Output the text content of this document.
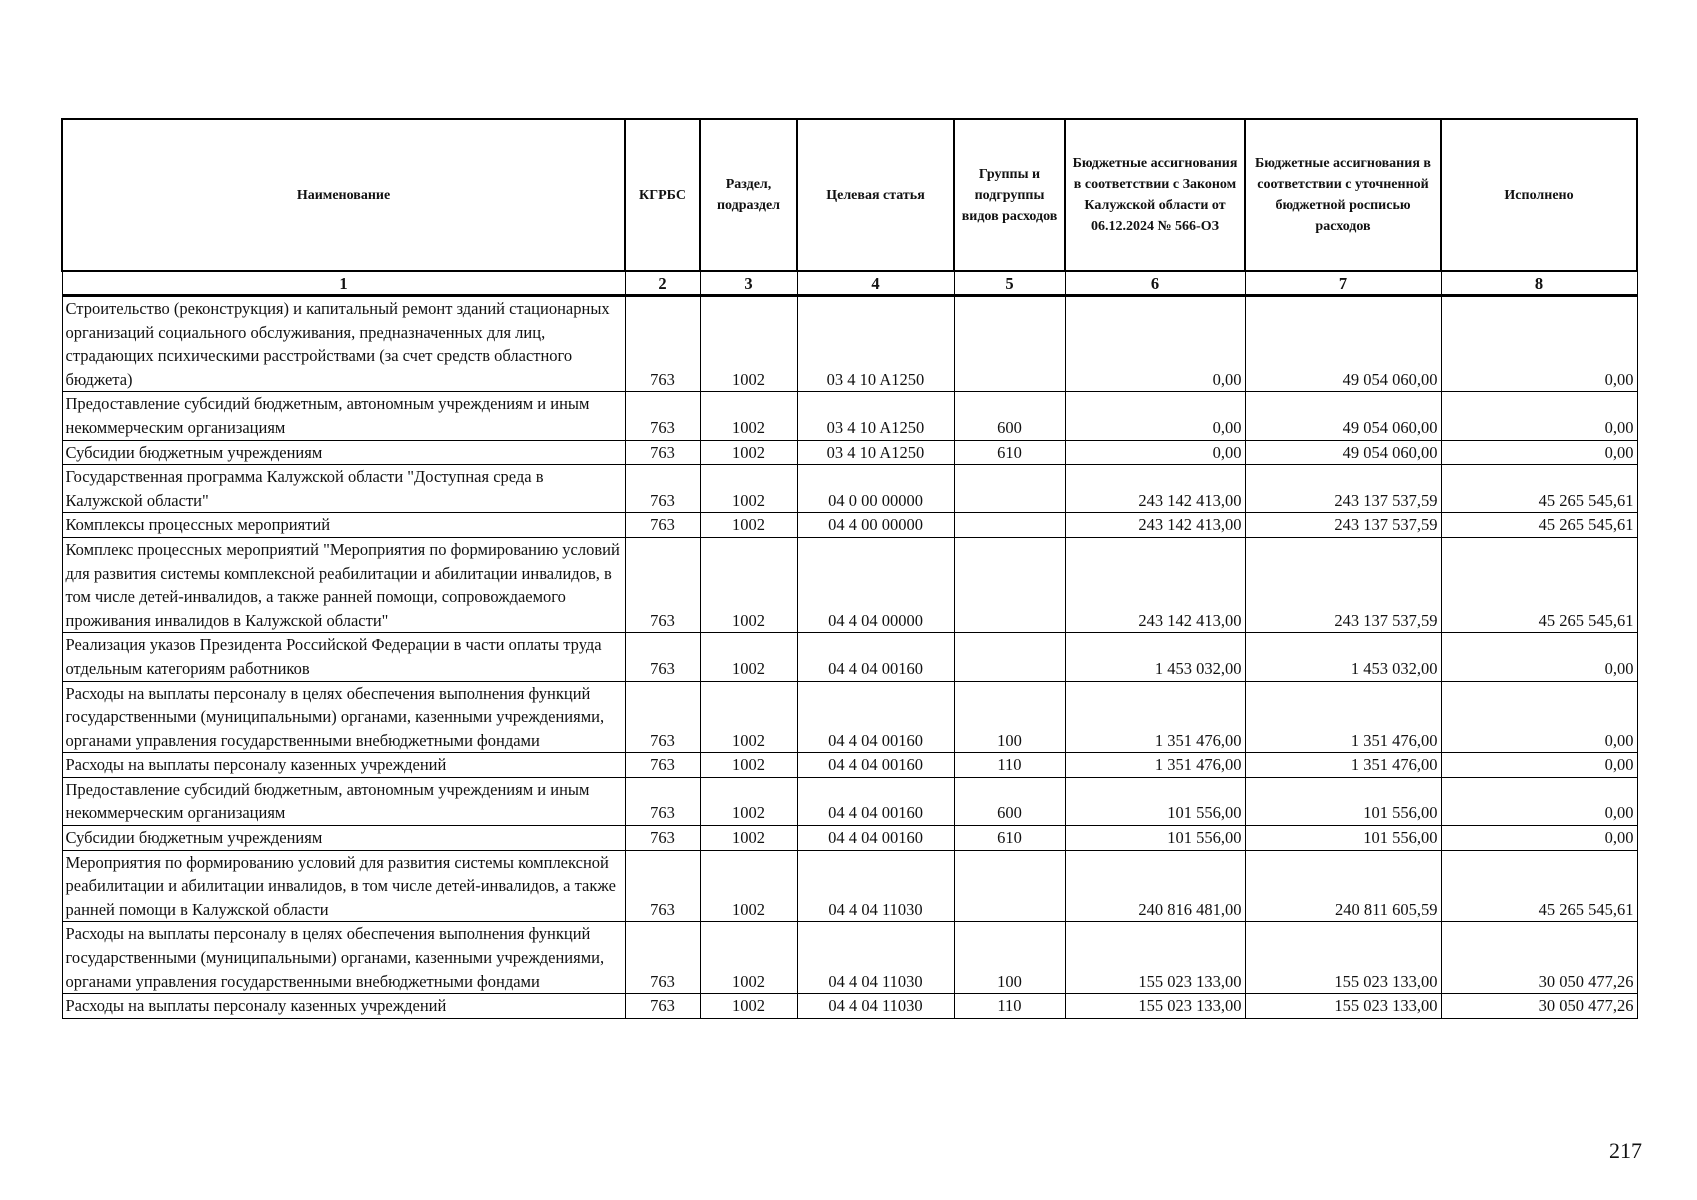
Наименование	КГРБС	Раздел, подраздел	Целевая статья	Группы и подгруппы видов расходов	Бюджетные ассигнования в соответствии с Законом Калужской области от 06.12.2024 № 566-ОЗ	Бюджетные ассигнования в соответствии с уточненной бюджетной росписью расходов	Исполнено
1	2	3	4	5	6	7	8
Строительство (реконструкция) и капитальный ремонт зданий стационарных организаций социального обслуживания, предназначенных для лиц, страдающих психическими расстройствами (за счет средств областного бюджета)	763	1002	03 4 10 A1250		0,00	49 054 060,00	0,00
Предоставление субсидий бюджетным, автономным учреждениям и иным некоммерческим организациям	763	1002	03 4 10 A1250	600	0,00	49 054 060,00	0,00
Субсидии бюджетным учреждениям	763	1002	03 4 10 A1250	610	0,00	49 054 060,00	0,00
Государственная программа Калужской области "Доступная среда в Калужской области"	763	1002	04 0 00 00000		243 142 413,00	243 137 537,59	45 265 545,61
Комплексы процессных мероприятий	763	1002	04 4 00 00000		243 142 413,00	243 137 537,59	45 265 545,61
Комплекс процессных мероприятий "Мероприятия по формированию условий для развития системы комплексной реабилитации и абилитации инвалидов, в том числе детей-инвалидов, а также ранней помощи, сопровождаемого проживания инвалидов в Калужской области"	763	1002	04 4 04 00000		243 142 413,00	243 137 537,59	45 265 545,61
Реализация указов Президента Российской Федерации в части оплаты труда отдельным категориям работников	763	1002	04 4 04 00160		1 453 032,00	1 453 032,00	0,00
Расходы на выплаты персоналу в целях обеспечения выполнения функций государственными (муниципальными) органами, казенными учреждениями, органами управления государственными внебюджетными фондами	763	1002	04 4 04 00160	100	1 351 476,00	1 351 476,00	0,00
Расходы на выплаты персоналу казенных учреждений	763	1002	04 4 04 00160	110	1 351 476,00	1 351 476,00	0,00
Предоставление субсидий бюджетным, автономным учреждениям и иным некоммерческим организациям	763	1002	04 4 04 00160	600	101 556,00	101 556,00	0,00
Субсидии бюджетным учреждениям	763	1002	04 4 04 00160	610	101 556,00	101 556,00	0,00
Мероприятия по формированию условий для развития системы комплексной реабилитации и абилитации инвалидов, в том числе детей-инвалидов, а также ранней помощи в Калужской области	763	1002	04 4 04 11030		240 816 481,00	240 811 605,59	45 265 545,61
Расходы на выплаты персоналу в целях обеспечения выполнения функций государственными (муниципальными) органами, казенными учреждениями, органами управления государственными внебюджетными фондами	763	1002	04 4 04 11030	100	155 023 133,00	155 023 133,00	30 050 477,26
Расходы на выплаты персоналу казенных учреждений	763	1002	04 4 04 11030	110	155 023 133,00	155 023 133,00	30 050 477,26
217
